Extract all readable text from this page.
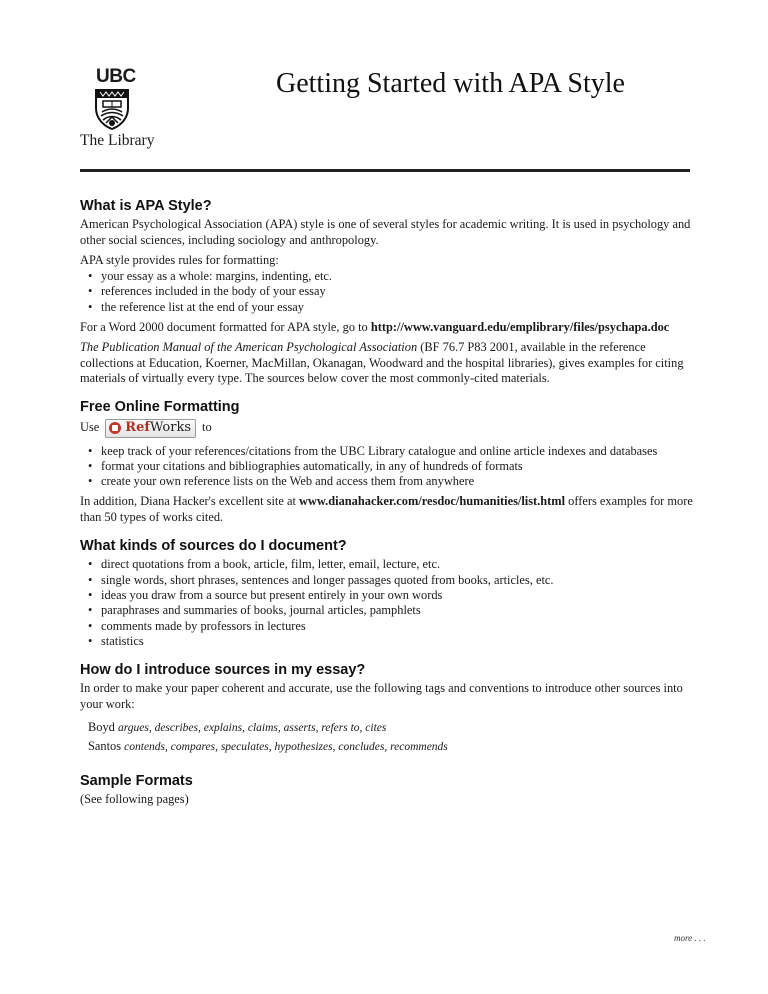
UBC
The Library
Getting Started with APA Style
What is APA Style?

American Psychological Association (APA) style is one of several styles for academic writing. It is used in psychology and other social sciences, including sociology and anthropology.

APA style provides rules for formatting:

• your essay as a whole: margins, indenting, etc.
• references included in the body of your essay
• the reference list at the end of your essay

For a Word 2000 document formatted for APA style, go to http://www.vanguard.edu/emplibrary/files/psychapa.doc

The Publication Manual of the American Psychological Association (BF 76.7 P83 2001, available in the reference collections at Education, Koerner, MacMillan, Okanagan, Woodward and the hospital libraries), gives examples for citing materials of virtually every type. The sources below cover the most commonly-cited materials.

Free Online Formatting
Use Ref Works to
• keep track of your references/citations from the UBC Library catalogue and online article indexes and databases
• format your citations and bibliographies automatically, in any of hundreds of formats
• create your own reference lists on the Web and access them from anywhere

In addition, Diana Hacker's excellent site at www.dianahacker.com/resdoc/humanities/list.html offers examples for more than 50 types of works cited.

What kinds of sources do I document?
• direct quotations from a book, article, film, letter, email, lecture, etc.
• single words, short phrases, sentences and longer passages quoted from books, articles, etc.
• ideas you draw from a source but present entirely in your own words
• paraphrases and summaries of books, journal articles, pamphlets
• comments made by professors in lectures
• statistics
How do I introduce sources in my essay?

In order to make your paper coherent and accurate, use the following tags and conventions to introduce other sources into your work:

Boyd argues, describes, explains, claims, asserts, refers to, cites
Santos contends, compares, speculates, hypothesizes, concludes, recommends
Sample Formats

(See following pages)

more . . .
